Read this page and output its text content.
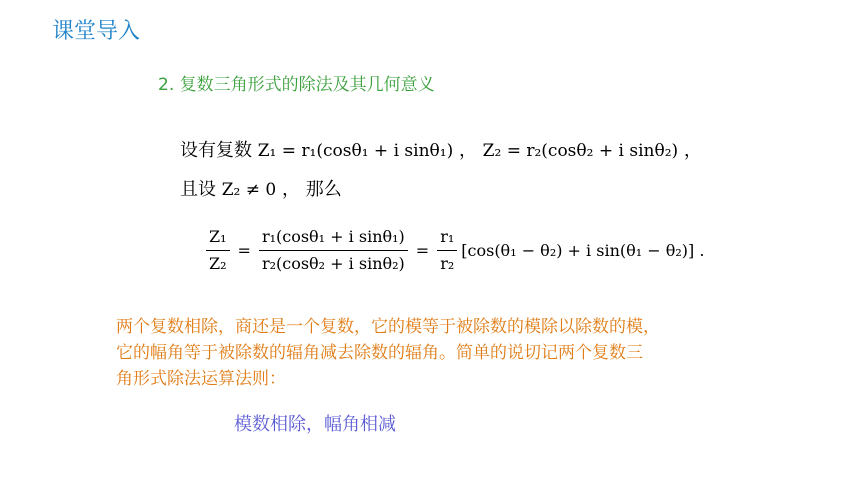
课堂导入
2. 复数三角形式的除法及其几何意义
设有复数 Z₁ = r₁(cosθ₁ + i sinθ₁) ， Z₂ = r₂(cosθ₂ + i sinθ₂) ，
且设 Z₂ ≠ 0 ， 那么
$\frac{\text{Z₁}}{\text{Z₂}} = \frac{\text{r₁(cosθ₁ + i sinθ₁)}}{\text{r₂(cosθ₂ + i sinθ₂)}} = \frac{\text{r₁}}{\text{r₂}} [\cos(\theta_1 - \theta_2) + i$ sin(θ₁ − θ₂)] .
两个复数相除，商还是一个复数，它的模等于被除数的模除以除数的模，
它的幅角等于被除数的辐角减去除数的辐角。简单的说切记两个复数三
角形式除法运算法则：
模数相除，幅角相减
